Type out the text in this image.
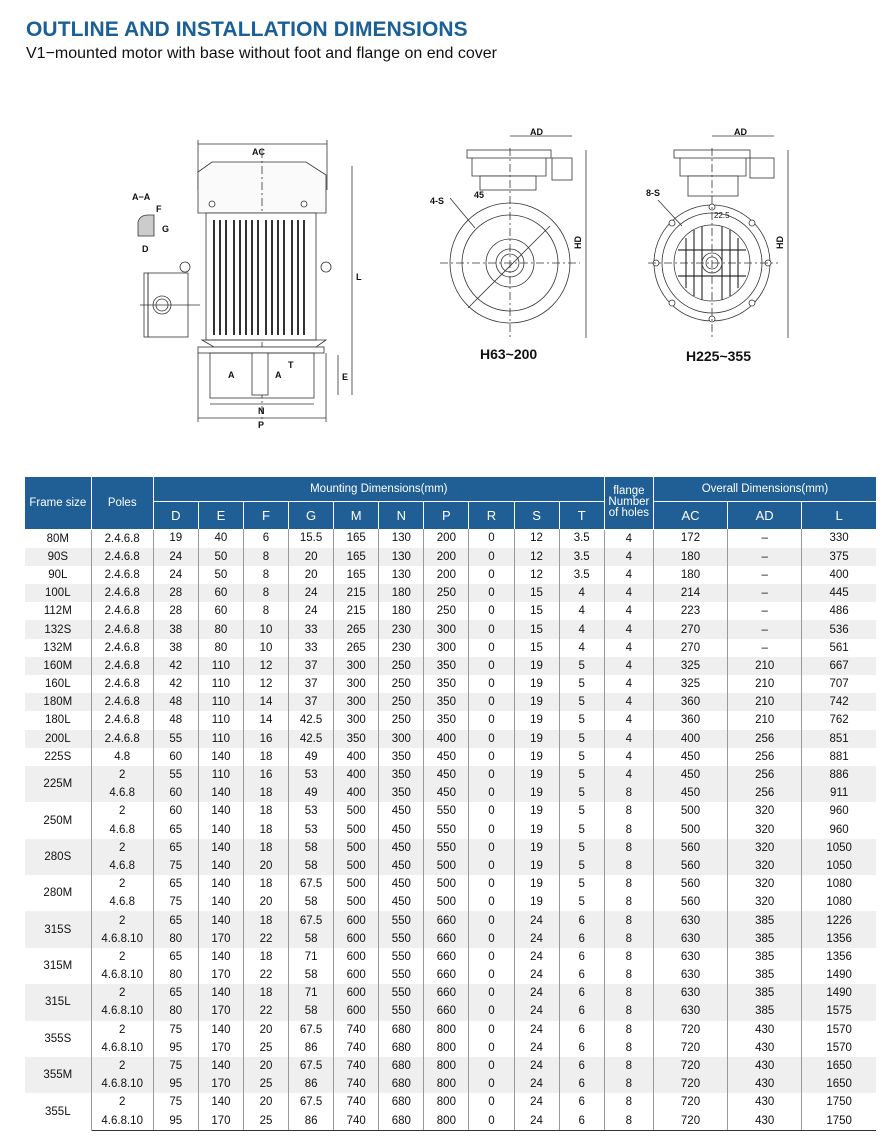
OUTLINE AND INSTALLATION DIMENSIONS
V1−mounted motor with base without foot and flange on end cover
AC
A−A
F
G
D
A	A
T
E
L
N
P
AD
4-S
45
HD
H63~200
AD
8-S
22.5
HD
H225~355
Frame size	Poles	Mounting Dimensions(mm)										flange Number of holes	Overall Dimensions(mm)		
		D	E	F	G	M	N	P	R	S	T		AC	AD	L
80M	2.4.6.8	19	40	6	15.5	165	130	200	0	12	3.5	4	172	–	330
90S	2.4.6.8	24	50	8	20	165	130	200	0	12	3.5	4	180	–	375
90L	2.4.6.8	24	50	8	20	165	130	200	0	12	3.5	4	180	–	400
100L	2.4.6.8	28	60	8	24	215	180	250	0	15	4	4	214	–	445
112M	2.4.6.8	28	60	8	24	215	180	250	0	15	4	4	223	–	486
132S	2.4.6.8	38	80	10	33	265	230	300	0	15	4	4	270	–	536
132M	2.4.6.8	38	80	10	33	265	230	300	0	15	4	4	270	–	561
160M	2.4.6.8	42	110	12	37	300	250	350	0	19	5	4	325	210	667
160L	2.4.6.8	42	110	12	37	300	250	350	0	19	5	4	325	210	707
180M	2.4.6.8	48	110	14	37	300	250	350	0	19	5	4	360	210	742
180L	2.4.6.8	48	110	14	42.5	300	250	350	0	19	5	4	360	210	762
200L	2.4.6.8	55	110	16	42.5	350	300	400	0	19	5	4	400	256	851
225S	4.8	60	140	18	49	400	350	450	0	19	5	4	450	256	881
225M	2	55	110	16	53	400	350	450	0	19	5	4	450	256	886
	4.6.8	60	140	18	49	400	350	450	0	19	5	8	450	256	911
250M	2	60	140	18	53	500	450	550	0	19	5	8	500	320	960
	4.6.8	65	140	18	53	500	450	550	0	19	5	8	500	320	960
280S	2	65	140	18	58	500	450	550	0	19	5	8	560	320	1050
	4.6.8	75	140	20	58	500	450	500	0	19	5	8	560	320	1050
280M	2	65	140	18	67.5	500	450	500	0	19	5	8	560	320	1080
	4.6.8	75	140	20	58	500	450	500	0	19	5	8	560	320	1080
315S	2	65	140	18	67.5	600	550	660	0	24	6	8	630	385	1226
	4.6.8.10	80	170	22	58	600	550	660	0	24	6	8	630	385	1356
315M	2	65	140	18	71	600	550	660	0	24	6	8	630	385	1356
	4.6.8.10	80	170	22	58	600	550	660	0	24	6	8	630	385	1490
315L	2	65	140	18	71	600	550	660	0	24	6	8	630	385	1490
	4.6.8.10	80	170	22	58	600	550	660	0	24	6	8	630	385	1575
355S	2	75	140	20	67.5	740	680	800	0	24	6	8	720	430	1570
	4.6.8.10	95	170	25	86	740	680	800	0	24	6	8	720	430	1570
355M	2	75	140	20	67.5	740	680	800	0	24	6	8	720	430	1650
	4.6.8.10	95	170	25	86	740	680	800	0	24	6	8	720	430	1650
355L	2	75	140	20	67.5	740	680	800	0	24	6	8	720	430	1750
	4.6.8.10	95	170	25	86	740	680	800	0	24	6	8	720	430	1750
